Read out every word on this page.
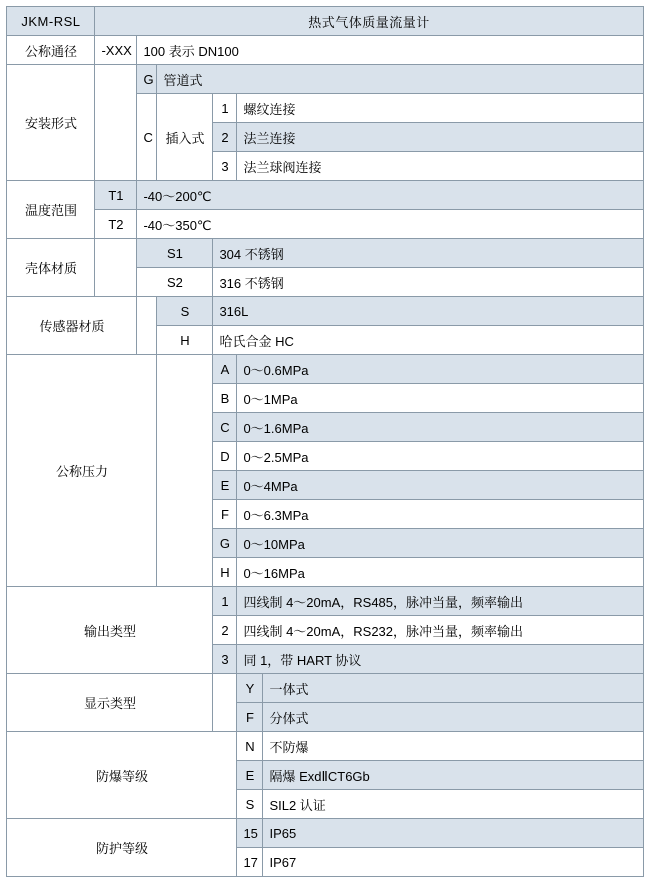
JKM-RSL	热式气体质量流量计					
公称通径	-XXX	100 表示 DN100				
安装形式		G	管道式			
		C	插入式	1	螺纹连接	
				2	法兰连接	
				3	法兰球阀连接	
温度范围	T1	-40～200℃				
	T2	-40～350℃				
壳体材质		S1		304 不锈钢		
		S2		316 不锈钢		
传感器材质			S	316L		
			H	哈氏合金 HC		
公称压力				A	0～0.6MPa	
				B	0～1MPa	
				C	0～1.6MPa	
				D	0～2.5MPa	
				E	0～4MPa	
				F	0～6.3MPa	
				G	0～10MPa	
				H	0～16MPa	
输出类型				1	四线制 4～20mA，RS485，脉冲当量，频率输出	
				2	四线制 4～20mA，RS232，脉冲当量，频率输出	
				3	同 1，带 HART 协议	
显示类型					Y	一体式
					F	分体式
防爆等级					N	不防爆
					E	隔爆 ExdⅡCT6Gb
					S	SIL2 认证
防护等级					15	IP65
					17	IP67
